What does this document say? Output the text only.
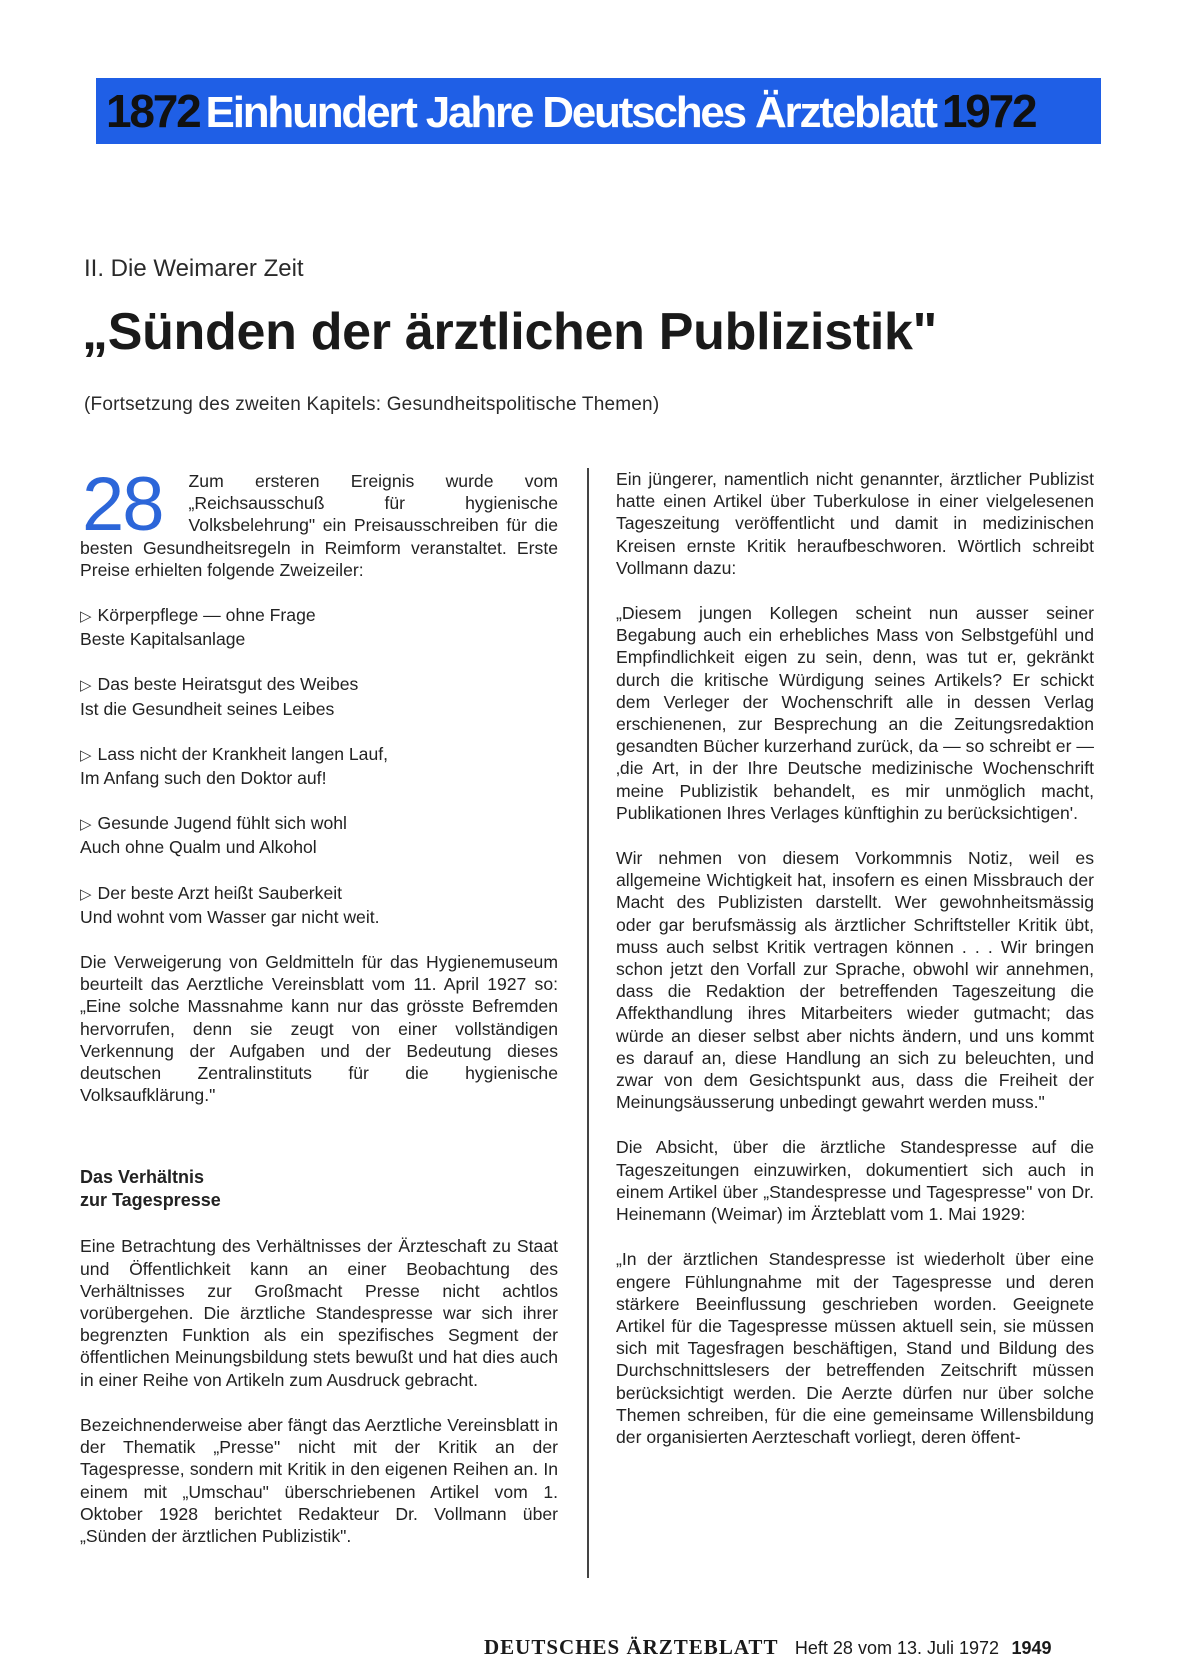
1872 Einhundert Jahre Deutsches Ärzteblatt 1972
II. Die Weimarer Zeit
„Sünden der ärztlichen Publizistik"
(Fortsetzung des zweiten Kapitels: Gesundheitspolitische Themen)

28 Zum ersteren Ereignis wurde vom „Reichsausschuß für hygienische Volksbelehrung" ein Preisausschreiben für die besten Gesundheitsregeln in Reimform veranstaltet. Erste Preise erhielten folgende Zweizeiler:

▷ Körperpflege — ohne Frage
Beste Kapitalsanlage
▷ Das beste Heiratsgut des Weibes
Ist die Gesundheit seines Leibes
▷ Lass nicht der Krankheit langen Lauf,
Im Anfang such den Doktor auf!
▷ Gesunde Jugend fühlt sich wohl
Auch ohne Qualm und Alkohol
▷ Der beste Arzt heißt Sauberkeit
Und wohnt vom Wasser gar nicht weit.

Die Verweigerung von Geldmitteln für das Hygienemuseum beurteilt das Aerztliche Vereinsblatt vom 11. April 1927 so: „Eine solche Massnahme kann nur das grösste Befremden hervorrufen, denn sie zeugt von einer vollständigen Verkennung der Aufgaben und der Bedeutung dieses deutschen Zentralinstituts für die hygienische Volksaufklärung."

Das Verhältnis
zur Tagespresse

Eine Betrachtung des Verhältnisses der Ärzteschaft zu Staat und Öffentlichkeit kann an einer Beobachtung des Verhältnisses zur Großmacht Presse nicht achtlos vorübergehen. Die ärztliche Standespresse war sich ihrer begrenzten Funktion als ein spezifisches Segment der öffentlichen Meinungsbildung stets bewußt und hat dies auch in einer Reihe von Artikeln zum Ausdruck gebracht.

Bezeichnenderweise aber fängt das Aerztliche Vereinsblatt in der Thematik „Presse" nicht mit der Kritik an der Tagespresse, sondern mit Kritik in den eigenen Reihen an. In einem mit „Umschau" überschriebenen Artikel vom 1. Oktober 1928 berichtet Redakteur Dr. Vollmann über „Sünden der ärztlichen Publizistik".

Ein jüngerer, namentlich nicht genannter, ärztlicher Publizist hatte einen Artikel über Tuberkulose in einer vielgelesenen Tageszeitung veröffentlicht und damit in medizinischen Kreisen ernste Kritik heraufbeschworen. Wörtlich schreibt Vollmann dazu:

„Diesem jungen Kollegen scheint nun ausser seiner Begabung auch ein erhebliches Mass von Selbstgefühl und Empfindlichkeit eigen zu sein, denn, was tut er, gekränkt durch die kritische Würdigung seines Artikels? Er schickt dem Verleger der Wochenschrift alle in dessen Verlag erschienenen, zur Besprechung an die Zeitungsredaktion gesandten Bücher kurzerhand zurück, da — so schreibt er — ‚die Art, in der Ihre Deutsche medizinische Wochenschrift meine Publizistik behandelt, es mir unmöglich macht, Publikationen Ihres Verlages künftighin zu berücksichtigen'.

Wir nehmen von diesem Vorkommnis Notiz, weil es allgemeine Wichtigkeit hat, insofern es einen Missbrauch der Macht des Publizisten darstellt. Wer gewohnheitsmässig oder gar berufsmässig als ärztlicher Schriftsteller Kritik übt, muss auch selbst Kritik vertragen können . . . Wir bringen schon jetzt den Vorfall zur Sprache, obwohl wir annehmen, dass die Redaktion der betreffenden Tageszeitung die Affekthandlung ihres Mitarbeiters wieder gutmacht; das würde an dieser selbst aber nichts ändern, und uns kommt es darauf an, diese Handlung an sich zu beleuchten, und zwar von dem Gesichtspunkt aus, dass die Freiheit der Meinungsäusserung unbedingt gewahrt werden muss."

Die Absicht, über die ärztliche Standespresse auf die Tageszeitungen einzuwirken, dokumentiert sich auch in einem Artikel über „Standespresse und Tagespresse" von Dr. Heinemann (Weimar) im Ärzteblatt vom 1. Mai 1929:

„In der ärztlichen Standespresse ist wiederholt über eine engere Fühlungnahme mit der Tagespresse und deren stärkere Beeinflussung geschrieben worden. Geeignete Artikel für die Tagespresse müssen aktuell sein, sie müssen sich mit Tagesfragen beschäftigen, Stand und Bildung des Durchschnittslesers der betreffenden Zeitschrift müssen berücksichtigt werden. Die Aerzte dürfen nur über solche Themen schreiben, für die eine gemeinsame Willensbildung der organisierten Aerzteschaft vorliegt, deren öffent-

DEUTSCHES ÄRZTEBLATT Heft 28 vom 13. Juli 1972 1949
